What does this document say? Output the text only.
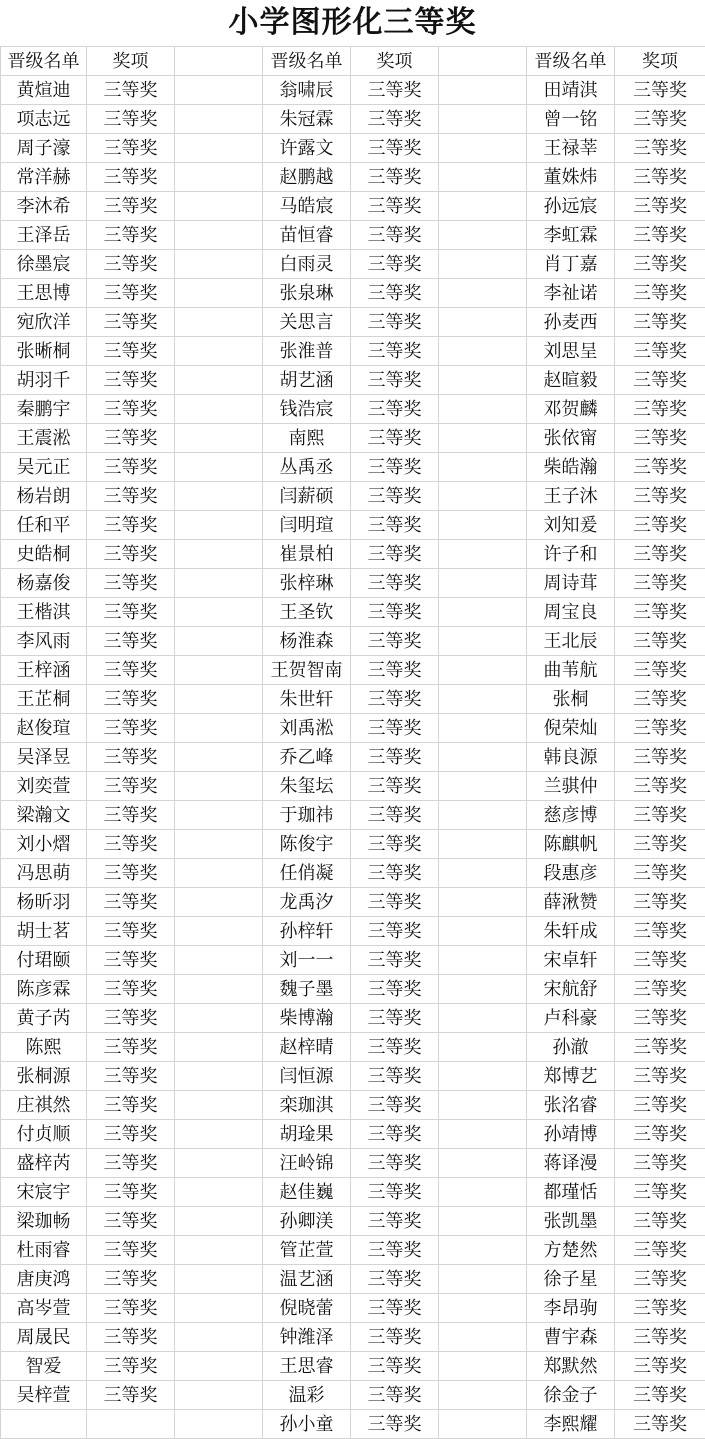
小学图形化三等奖
晋级名单	奖项		晋级名单	奖项		晋级名单	奖项
黄煊迪	三等奖		翁啸辰	三等奖		田靖淇	三等奖
项志远	三等奖		朱冠霖	三等奖		曾一铭	三等奖
周子濠	三等奖		许露文	三等奖		王禄莘	三等奖
常洋赫	三等奖		赵鹏越	三等奖		董姝炜	三等奖
李沐希	三等奖		马皓宸	三等奖		孙远宸	三等奖
王泽岳	三等奖		苗恒睿	三等奖		李虹霖	三等奖
徐墨宸	三等奖		白雨灵	三等奖		肖丁嘉	三等奖
王思博	三等奖		张泉琳	三等奖		李祉诺	三等奖
宛欣洋	三等奖		关思言	三等奖		孙麦西	三等奖
张晰桐	三等奖		张淮普	三等奖		刘思呈	三等奖
胡羽千	三等奖		胡艺涵	三等奖		赵暄毅	三等奖
秦鹏宇	三等奖		钱浩宸	三等奖		邓贺麟	三等奖
王震淞	三等奖		南熙	三等奖		张依甯	三等奖
吴元正	三等奖		丛禹丞	三等奖		柴皓瀚	三等奖
杨岩朗	三等奖		闫薪硕	三等奖		王子沐	三等奖
任和平	三等奖		闫明瑄	三等奖		刘知爰	三等奖
史皓桐	三等奖		崔景柏	三等奖		许子和	三等奖
杨嘉俊	三等奖		张梓琳	三等奖		周诗茸	三等奖
王楷淇	三等奖		王圣钦	三等奖		周宝良	三等奖
李风雨	三等奖		杨淮森	三等奖		王北辰	三等奖
王梓涵	三等奖		王贺智南	三等奖		曲苇航	三等奖
王芷桐	三等奖		朱世轩	三等奖		张桐	三等奖
赵俊瑄	三等奖		刘禹淞	三等奖		倪荣灿	三等奖
吴泽昱	三等奖		乔乙峰	三等奖		韩良源	三等奖
刘奕萱	三等奖		朱玺坛	三等奖		兰骐仲	三等奖
梁瀚文	三等奖		于珈祎	三等奖		慈彦博	三等奖
刘小熠	三等奖		陈俊宇	三等奖		陈麒帆	三等奖
冯思萌	三等奖		任俏凝	三等奖		段惠彦	三等奖
杨昕羽	三等奖		龙禹汐	三等奖		薛湫赞	三等奖
胡士茗	三等奖		孙梓轩	三等奖		朱轩成	三等奖
付珺颐	三等奖		刘一一	三等奖		宋卓轩	三等奖
陈彦霖	三等奖		魏子墨	三等奖		宋航舒	三等奖
黄子芮	三等奖		柴博瀚	三等奖		卢科豪	三等奖
陈熙	三等奖		赵梓晴	三等奖		孙澈	三等奖
张桐源	三等奖		闫恒源	三等奖		郑博艺	三等奖
庄祺然	三等奖		栾珈淇	三等奖		张洺睿	三等奖
付贞顺	三等奖		胡琻果	三等奖		孙靖博	三等奖
盛梓芮	三等奖		汪岭锦	三等奖		蒋译漫	三等奖
宋宸宇	三等奖		赵佳巍	三等奖		都瑾恬	三等奖
梁珈畅	三等奖		孙卿渼	三等奖		张凯墨	三等奖
杜雨睿	三等奖		管芷萱	三等奖		方楚然	三等奖
唐庚鸿	三等奖		温艺涵	三等奖		徐子星	三等奖
高岑萱	三等奖		倪晓蕾	三等奖		李昂驹	三等奖
周晟民	三等奖		钟潍泽	三等奖		曹宇森	三等奖
智爱	三等奖		王思睿	三等奖		郑默然	三等奖
吴梓萱	三等奖		温彩	三等奖		徐金子	三等奖
			孙小童	三等奖		李熙耀	三等奖
